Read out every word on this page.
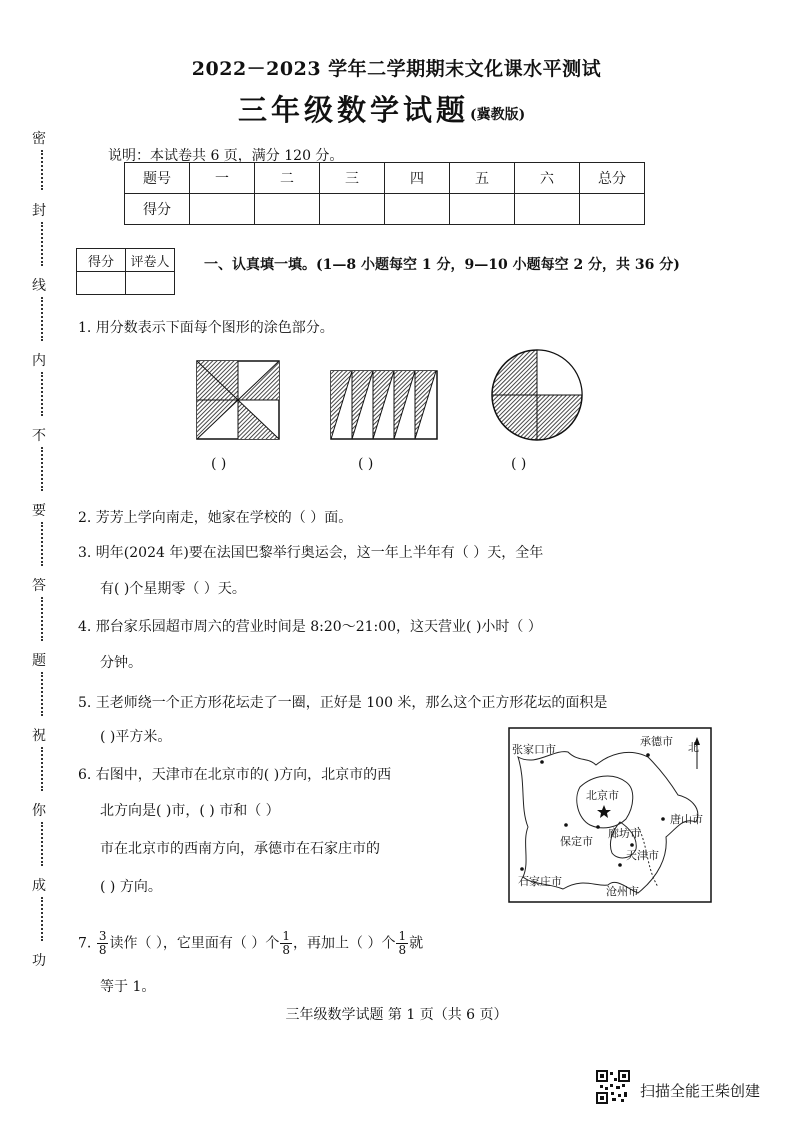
密
封
线
内
不
要
答
题
祝
你
成
功
2022－2023 学年二学期期末文化课水平测试
三年级数学试题 (冀教版)
说明：本试卷共 6 页，满分 120 分。
题号	一	二	三	四	五	六	总分
得分							
得分	评卷人
	一、认真填一填。(1—8 小题每空 1 分，9—10 小题每空 2 分，共 36 分)
1. 用分数表示下面每个图形的涂色部分。
( )	( )	( )
2. 芳芳上学向南走，她家在学校的（ ）面。
3. 明年(2024 年)要在法国巴黎举行奥运会，这一年上半年有（ ）天，全年
有( )个星期零（ ）天。
4. 邢台家乐园超市周六的营业时间是 8:20～21:00，这天营业( )小时（ ）
分钟。
5. 王老师绕一个正方形花坛走了一圈，正好是 100 米，那么这个正方形花坛的面积是
( )平方米。
6. 右图中，天津市在北京市的( )方向，北京市的西
北方向是( )市，( ) 市和（ ）
市在北京市的西南方向，承德市在石家庄市的
( ) 方向。
张家口市
承德市
北京市
唐山市
廊坊市
保定市
天津市
石家庄市
沧州市
北
7. $\frac{3}{8}$ 读作（ ），它里面有（ ）个 $\frac{1}{8}$ ，再加上（ ）个 $\frac{1}{8}$ 就
等于 1。
三年级数学试题 第 1 页（共 6 页）
扫描全能王柴创建
